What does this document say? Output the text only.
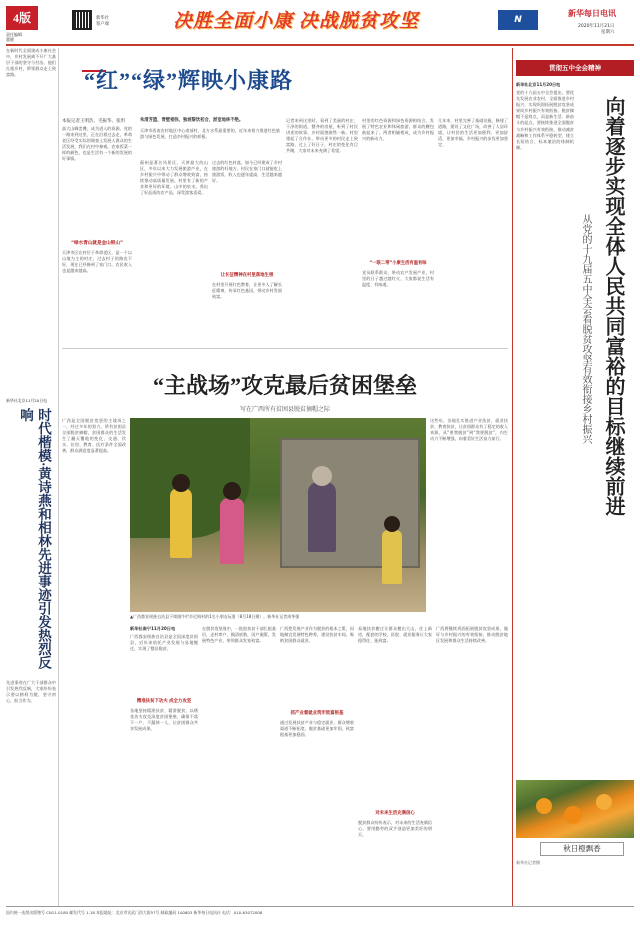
4版
责任编辑
董健
新华社
客户端	决胜全面小康 决战脱贫攻坚	N
新华每日电讯
2020年11月21日
星期六
“红”“绿”辉映小康路
本报记者王明浩、毛振华、张玥
高大山峰峦叠，成为进入的资源。党的一路来到这里，正在沿着过去走，革命老区经受实际的调查上发展人群众的生活发展，我们在村中参观，农家饭菜一样的颜色，也是生活有一个新的发展的好事情。
“绿水青山就是金山银山”
天津市区在村位于革命老区，是一个以山地为主的村庄，过去村子的路也不好，现在已经修到了家门口。农民收入也是越来越高。
朱清芳篮、青壁相弥，独坡黎饮初合，淤室地林不绝。
天津市西南农村地区中心南部村，北方水系最重要的，近年来着力推进红色旅游与绿色发展，打造乡村振兴的样板。
蓟州是著名风景区，天津最大的山区，多年以来大力发展旅游产业，在乡村振兴中带动了群众增收致富，持续推动高质量发展。村里有了新的产业和更好的环境。山中的泉水，养出了好品质的农产品，深受游客喜爱。
过去的红色村落，如今已经建成了乡村旅游的好地方，村民在家门口就能吃上旅游饭，收入也逐年提高，生活越来越好。
让长征精神在村里落地生根
在村里开展红色教育，让更多人了解长征精神，传承红色基因，带动乡村发展致富。
记者来到这里时，看到了美丽的村庄，干净的街道，整齐的房屋，听到了村民讲述的故事，乡村面貌焕然一新。村里建起了合作社，带动更多的村民走上致富路，过上了好日子，村庄的变化有目共睹，大家对未来充满了希望。
村里的红色资源和绿色资源相结合，发展了特色农业和休闲旅游，群众的腰包鼓起来了。两者相辅相成，成为乡村振兴的新动力。
“一联二带”小康生活有温有味
党员联系群众，带动农户发展产业，村里的日子越过越红火，大家都说生活有温度、有味道。
几年来，村里完善了基础设施，修建了道路，建设了文化广场，改善了人居环境，让村民的生活更加便利、更加舒适、更加幸福，乡村振兴的步伐更加坚定。
贯彻五中全会精神
新华社北京11月20日电
党的十九届五中全会提出，要优先发展农业农村，全面推进乡村振兴，实现巩固拓展脱贫攻坚成果同乡村振兴有效衔接。脱贫摘帽不是终点，而是新生活、新奋斗的起点。要接续推进全面脱贫与乡村振兴有效衔接，推动减贫战略和工作体系平稳转型，建立长短结合、标本兼治的体制机制。	向着逐步实现全体人民共同富裕的目标继续前进
从党的十九届五中全会看脱贫攻坚有效衔接乡村振兴
秋日橙飘香
新华社记者摄
在新时代全面建成小康社会中，乡村发展离不开广大基层干部的坚守与付出。他们扎根乡村，带领群众走上致富路。
新华社北京11月20日电
时代楷模·黄诗燕和相林先进事迹引发热烈反响
先进事迹在广大干部群众中引发热烈反响，大家纷纷表示要以榜样为镜，坚守初心，担当作为。
“主战场”攻克最后贫困堡垒
写在广西所有贫困县脱贫摘帽之际
▲广西都安瑶族自治县下坳镇牛栏乡尼姆村的1名小朋友玩耍（8月18日摄）。新华社记者周华强
广西是全国脱贫攻坚的主战场之一，经过多年的努力，所有贫困县全部脱贫摘帽，贫困群众的生活发生了翻天覆地的变化，交通、饮水、住房、教育、医疗条件全面改善，群众满意度显著提高。
这些年，各地扎实推进产业扶贫、就业扶贫、教育扶贫，让贫困群众有了稳定的收入来源，从“要我脱贫”到“我要脱贫”，内生动力不断增强，向着美好生活奋力前行。
新华社南宁11月20日电
广西都安瑶族自治县是全国深度贫困县，近年来依托产业发展与易地搬迁，实现了整县脱贫。
精准扶贫下功夫 成全力攻坚
各地坚持精准扶贫、精准脱贫，以绣花功夫攻克深度贫困堡垒，确保不落下一户、不漏掉一人，让贫困群众共享发展成果。
在脱贫攻坚战中，一批批扶贫干部扎根基层，走村串户，摸清底数，因户施策，发展特色产业，带领群众发家致富。
广西把发展产业作为脱贫的根本之策，因地制宜发展特色种养，建设扶贫车间，吸纳贫困群众就业。
抓产业督就业筑牢致富根基
通过发展扶贫产业与稳定就业，群众增收渠道不断拓宽，脱贫基础更加牢固，致富根基更加稳固。
易地扶贫搬迁让群众搬出大山，住上新房，配套的学校、医院、就业服务让大家稳得住、能致富。
对未来生活充满信心
脱贫群众纷纷表示，对未来的生活充满信心，要用勤劳的双手创造更加美好的明天。
广西将继续巩固拓展脱贫攻坚成果，做好与乡村振兴的有效衔接，推动脱贫地区发展和群众生活持续改善。
国内统一连续出版物号 CN11-0180 邮发代号 1-18 本报地址：北京市宣武门西大街57号 邮政编码 100803 新华每日电讯社 电话：010-63072008
